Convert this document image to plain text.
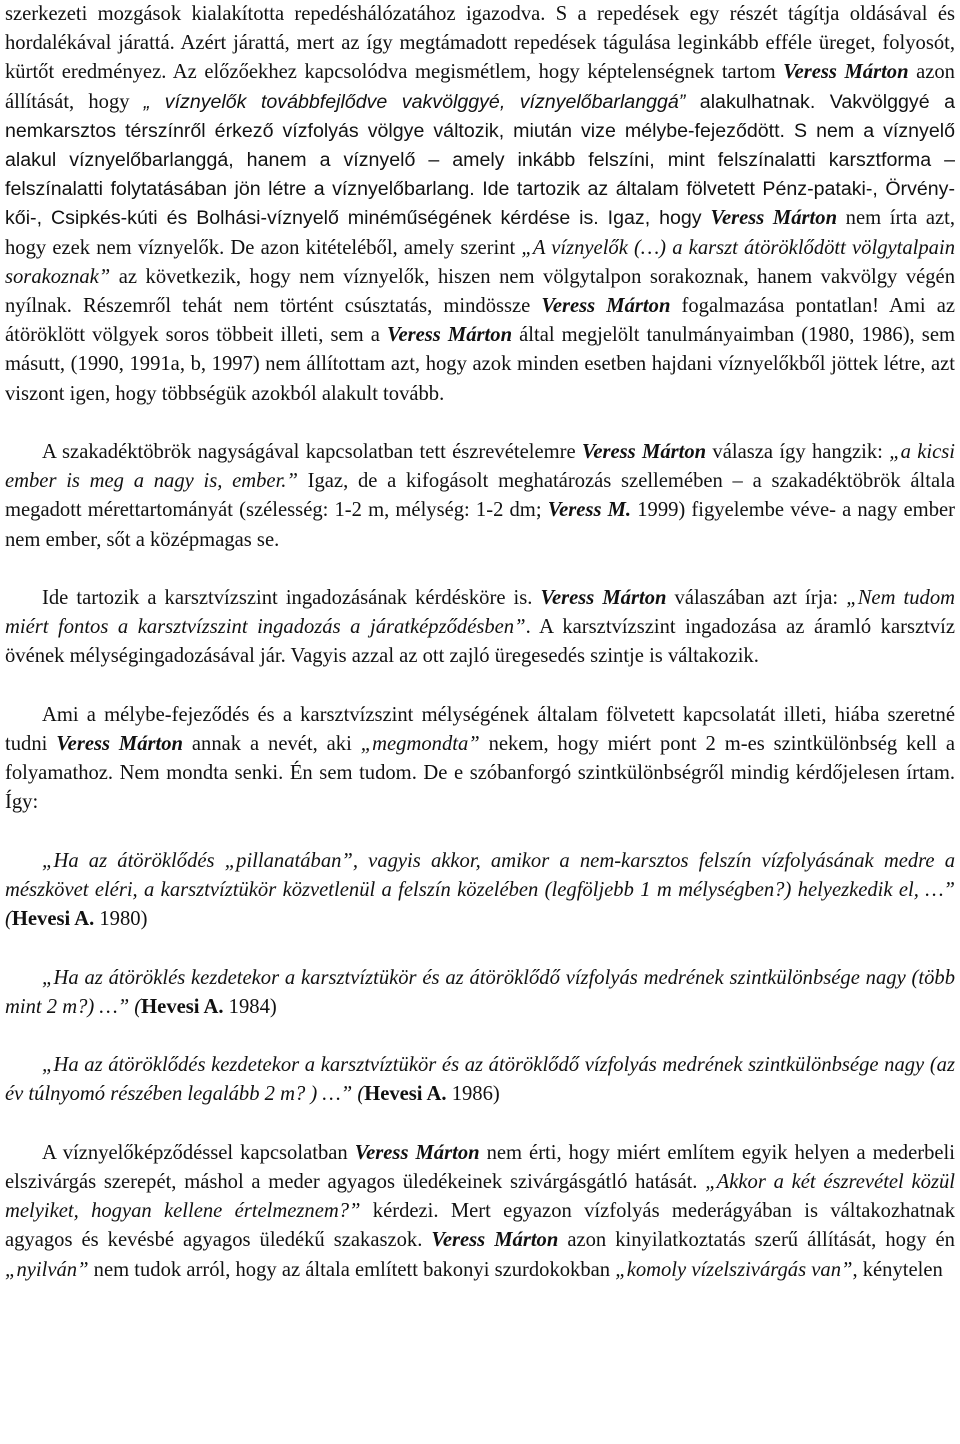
szerkezeti mozgások kialakította repedéshálózatához igazodva. S a repedések egy részét tágítja oldásával és hordalékával járattá. Azért járattá, mert az így megtámadott repedések tágulása leginkább efféle üreget, folyosót, kürtőt eredményez. Az előzőekhez kapcsolódva megismétlem, hogy képtelenségnek tartom Veress Márton azon állítását, hogy „ víznyelők továbbfejlődve vakvölggyé, víznyelőbarlanggá” alakulhatnak. Vakvölggyé a nemkarsztos térszínről érkező vízfolyás völgye változik, miután vize mélybe-fejeződött. S nem a víznyelő alakul víznyelőbarlanggá, hanem a víznyelő – amely inkább felszíni, mint felszínalatti karsztforma – felszínalatti folytatásában jön létre a víznyelőbarlang. Ide tartozik az általam fölvetett Pénz-pataki-, Örvény-kői-, Csipkés-kúti és Bolhási-víznyelő minéműségének kérdése is. Igaz, hogy Veress Márton nem írta azt, hogy ezek nem víznyelők. De azon kitételéből, amely szerint „A víznyelők (…) a karszt átöröklődött völgytalpain sorakoznak” az következik, hogy nem víznyelők, hiszen nem völgytalpon sorakoznak, hanem vakvölgy végén nyílnak. Részemről tehát nem történt csúsztatás, mindössze Veress Márton fogalmazása pontatlan! Ami az átöröklött völgyek soros többeit illeti, sem a Veress Márton által megjelölt tanulmányaimban (1980, 1986), sem másutt, (1990, 1991a, b, 1997) nem állítottam azt, hogy azok minden esetben hajdani víznyelőkből jöttek létre, azt viszont igen, hogy többségük azokból alakult tovább.

A szakadéktöbrök nagyságával kapcsolatban tett észrevételemre Veress Márton válasza így hangzik: „a kicsi ember is meg a nagy is, ember.” Igaz, de a kifogásolt meghatározás szellemében – a szakadéktöbrök általa megadott mérettartományát (szélesség: 1-2 m, mélység: 1-2 dm; Veress M. 1999) figyelembe véve- a nagy ember nem ember, sőt a középmagas se.

Ide tartozik a karsztvízszint ingadozásának kérdésköre is. Veress Márton válaszában azt írja: „Nem tudom miért fontos a karsztvízszint ingadozás a járatképződésben”. A karsztvízszint ingadozása az áramló karsztvíz övének mélységingadozásával jár. Vagyis azzal az ott zajló üregesedés szintje is váltakozik.

Ami a mélybe-fejeződés és a karsztvízszint mélységének általam fölvetett kapcsolatát illeti, hiába szeretné tudni Veress Márton annak a nevét, aki „megmondta” nekem, hogy miért pont 2 m-es szintkülönbség kell a folyamathoz. Nem mondta senki. Én sem tudom. De e szóbanforgó szintkülönbségről mindig kérdőjelesen írtam. Így:

„Ha az átöröklődés „pillanatában”, vagyis akkor, amikor a nem-karsztos felszín vízfolyásának medre a mészkövet eléri, a karsztvíztükör közvetlenül a felszín közelében (legföljebb 1 m mélységben?) helyezkedik el, …” (Hevesi A. 1980)

„Ha az átöröklés kezdetekor a karsztvíztükör és az átöröklődő vízfolyás medrének szintkülönbsége nagy (több mint 2 m?) …” (Hevesi A. 1984)

„Ha az átöröklődés kezdetekor a karsztvíztükör és az átöröklődő vízfolyás medrének szintkülönbsége nagy (az év túlnyomó részében legalább 2 m? ) …” (Hevesi A. 1986)

A víznyelőképződéssel kapcsolatban Veress Márton nem érti, hogy miért említem egyik helyen a mederbeli elszivárgás szerepét, máshol a meder agyagos üledékeinek szivárgásgátló hatását. „Akkor a két észrevétel közül melyiket, hogyan kellene értelmeznem?” kérdezi. Mert egyazon vízfolyás mederágyában is váltakozhatnak agyagos és kevésbé agyagos üledékű szakaszok. Veress Márton azon kinyilatkoztatás szerű állítását, hogy én „nyilván” nem tudok arról, hogy az általa említett bakonyi szurdokokban „komoly vízelszivárgás van”, kénytelen
